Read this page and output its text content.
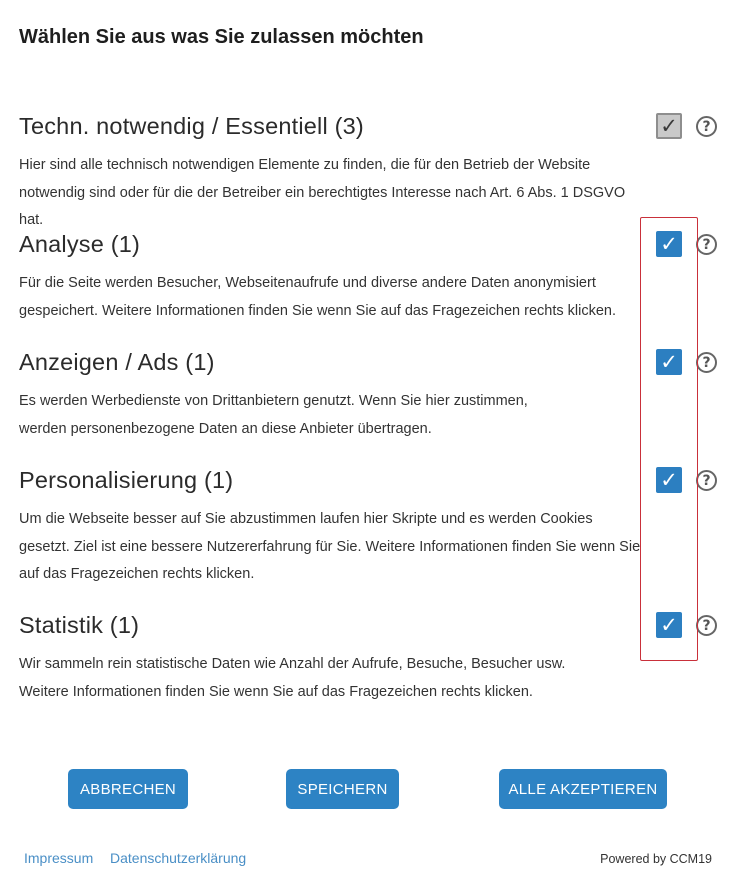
Wählen Sie aus was Sie zulassen möchten
Techn. notwendig / Essentiell (3)
Hier sind alle technisch notwendigen Elemente zu finden, die für den Betrieb der Website notwendig sind oder für die der Betreiber ein berechtigtes Interesse nach Art. 6 Abs. 1 DSGVO hat.
✓	?
Analyse (1)
Für die Seite werden Besucher, Webseitenaufrufe und diverse andere Daten anonymisiert gespeichert. Weitere Informationen finden Sie wenn Sie auf das Fragezeichen rechts klicken.
✓	?
Anzeigen / Ads (1)
Es werden Werbedienste von Drittanbietern genutzt. Wenn Sie hier zustimmen, werden personenbezogene Daten an diese Anbieter übertragen.
✓	?
Personalisierung (1)
Um die Webseite besser auf Sie abzustimmen laufen hier Skripte und es werden Cookies gesetzt. Ziel ist eine bessere Nutzererfahrung für Sie. Weitere Informationen finden Sie wenn Sie auf das Fragezeichen rechts klicken.
✓	?
Statistik (1)
Wir sammeln rein statistische Daten wie Anzahl der Aufrufe, Besuche, Besucher usw. Weitere Informationen finden Sie wenn Sie auf das Fragezeichen rechts klicken.
✓	?
ABBRECHEN	SPEICHERN	ALLE AKZEPTIEREN
Impressum Datenschutzerklärung	Powered by CCM19
